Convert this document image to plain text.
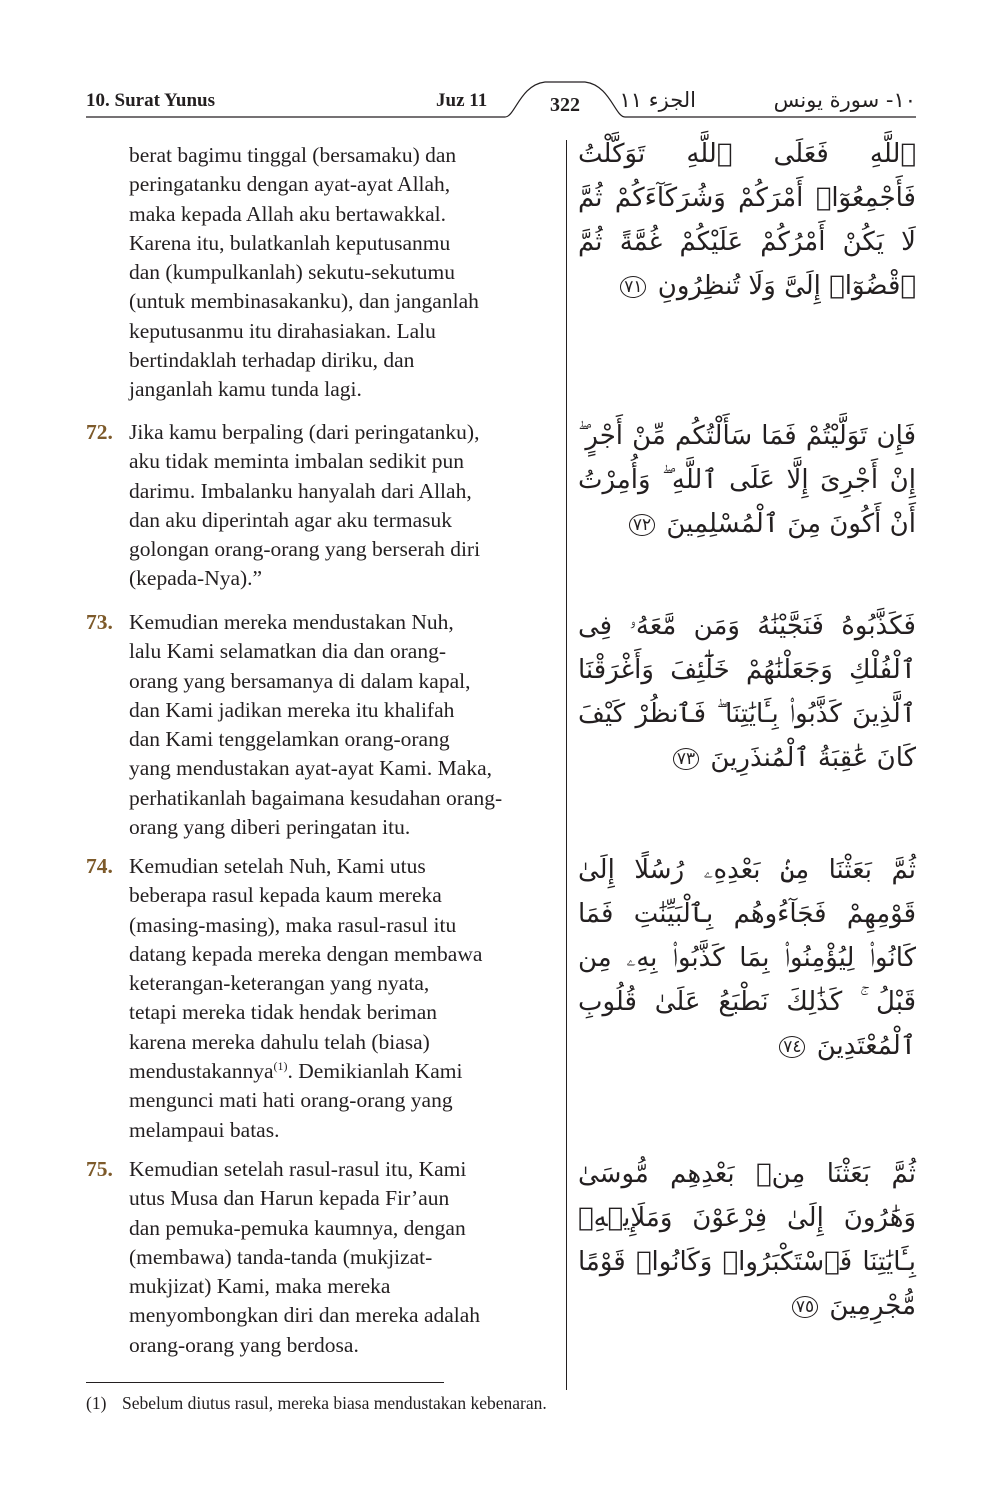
10. Surat Yunus	Juz 11	322	الجزء ١١	١٠- سورة يونس
berat bagimu tinggal (bersamaku) dan
peringatanku dengan ayat-ayat Allah,
maka kepada Allah aku bertawakkal.
Karena itu, bulatkanlah keputusanmu
dan (kumpulkanlah) sekutu-sekutumu
(untuk membinasakanku), dan janganlah
keputusanmu itu dirahasiakan. Lalu
bertindaklah terhadap diriku, dan
janganlah kamu tunda lagi.
ٱللَّهِ فَعَلَى ٱللَّهِ تَوَكَّلْتُ فَأَجْمِعُوٓا۟ أَمْرَكُمْ وَشُرَكَآءَكُمْ ثُمَّ لَا يَكُنْ أَمْرُكُمْ عَلَيْكُمْ غُمَّةً ثُمَّ ٱقْضُوٓا۟ إِلَىَّ وَلَا تُنظِرُونِ ٧١
72. Jika kamu berpaling (dari peringatanku),
aku tidak meminta imbalan sedikit pun
darimu. Imbalanku hanyalah dari Allah,
dan aku diperintah agar aku termasuk
golongan orang-orang yang berserah diri
(kepada-Nya).”
فَإِن تَوَلَّيْتُمْ فَمَا سَأَلْتُكُم مِّنْ أَجْرٍ ۖ إِنْ أَجْرِىَ إِلَّا عَلَى ٱللَّهِ ۖ وَأُمِرْتُ أَنْ أَكُونَ مِنَ ٱلْمُسْلِمِينَ ٧٢
73. Kemudian mereka mendustakan Nuh,
lalu Kami selamatkan dia dan orang-
orang yang bersamanya di dalam kapal,
dan Kami jadikan mereka itu khalifah
dan Kami tenggelamkan orang-orang
yang mendustakan ayat-ayat Kami. Maka,
perhatikanlah bagaimana kesudahan orang-
orang yang diberi peringatan itu.
فَكَذَّبُوهُ فَنَجَّيْنَٰهُ وَمَن مَّعَهُۥ فِى ٱلْفُلْكِ وَجَعَلْنَٰهُمْ خَلَٰٓئِفَ وَأَغْرَقْنَا ٱلَّذِينَ كَذَّبُوا۟ بِـَٔايَٰتِنَا ۖ فَٱنظُرْ كَيْفَ كَانَ عَٰقِبَةُ ٱلْمُنذَرِينَ ٧٣
74. Kemudian setelah Nuh, Kami utus
beberapa rasul kepada kaum mereka
(masing-masing), maka rasul-rasul itu
datang kepada mereka dengan membawa
keterangan-keterangan yang nyata,
tetapi mereka tidak hendak beriman
karena mereka dahulu telah (biasa)
mendustakannya$^{(1)}$. Demikianlah Kami
mengunci mati hati orang-orang yang
melampaui batas.
ثُمَّ بَعَثْنَا مِنۢ بَعْدِهِۦ رُسُلًا إِلَىٰ قَوْمِهِمْ فَجَآءُوهُم بِٱلْبَيِّنَٰتِ فَمَا كَانُوا۟ لِيُؤْمِنُوا۟ بِمَا كَذَّبُوا۟ بِهِۦ مِن قَبْلُ ۚ كَذَٰلِكَ نَطْبَعُ عَلَىٰ قُلُوبِ ٱلْمُعْتَدِينَ ٧٤
75. Kemudian setelah rasul-rasul itu, Kami
utus Musa dan Harun kepada Fir’aun
dan pemuka-pemuka kaumnya, dengan
(membawa) tanda-tanda (mukjizat-
mukjizat) Kami, maka mereka
menyombongkan diri dan mereka adalah
orang-orang yang berdosa.
ثُمَّ بَعَثْنَا مِنۢ بَعْدِهِم مُّوسَىٰ وَهَٰرُونَ إِلَىٰ فِرْعَوْنَ وَمَلَإِي۟هِۦ بِـَٔايَٰتِنَا فَٱسْتَكْبَرُوا۟ وَكَانُوا۟ قَوْمًا مُّجْرِمِينَ ٧٥
(1) Sebelum diutus rasul, mereka biasa mendustakan kebenaran.
